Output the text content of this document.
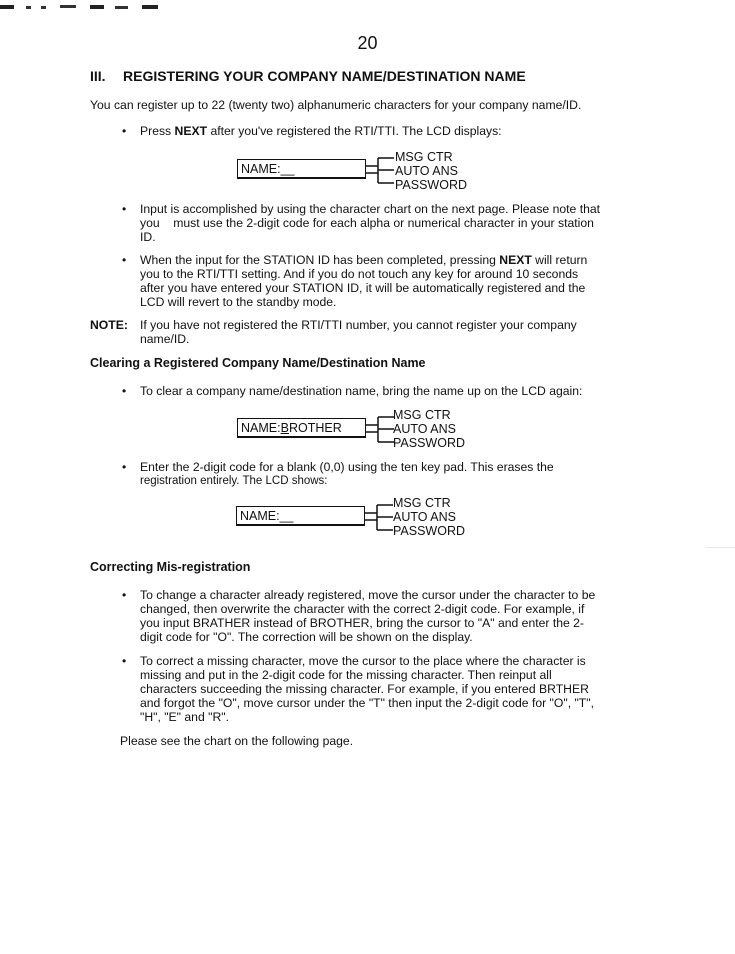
20
III. REGISTERING YOUR COMPANY NAME/DESTINATION NAME
You can register up to 22 (twenty two) alphanumeric characters for your company name/ID.
• Press NEXT after you've registered the RTI/TTI. The LCD displays:
NAME:__
MSG CTR
AUTO ANS
PASSWORD
• Input is accomplished by using the character chart on the next page. Please note that
you    must use the 2-digit code for each alpha or numerical character in your station
ID.
• When the input for the STATION ID has been completed, pressing NEXT will return
you to the RTI/TTI setting. And if you do not touch any key for around 10 seconds
after you have entered your STATION ID, it will be automatically registered and the
LCD will revert to the standby mode.
NOTE: If you have not registered the RTI/TTI number, you cannot register your company
name/ID.
Clearing a Registered Company Name/Destination Name
• To clear a company name/destination name, bring the name up on the LCD again:
NAME:BROTHER
MSG CTR
AUTO ANS
PASSWORD
• Enter the 2-digit code for a blank (0,0) using the ten key pad. This erases the
registration entirely. The LCD shows:
NAME:__
MSG CTR
AUTO ANS
PASSWORD
Correcting Mis-registration
• To change a character already registered, move the cursor under the character to be
changed, then overwrite the character with the correct 2-digit code. For example, if
you input BRATHER instead of BROTHER, bring the cursor to "A" and enter the 2-
digit code for "O". The correction will be shown on the display.
• To correct a missing character, move the cursor to the place where the character is
missing and put in the 2-digit code for the missing character. Then reinput all
characters succeeding the missing character. For example, if you entered BRTHER
and forgot the "O", move cursor under the "T" then input the 2-digit code for "O", "T",
"H", "E" and "R".
Please see the chart on the following page.
